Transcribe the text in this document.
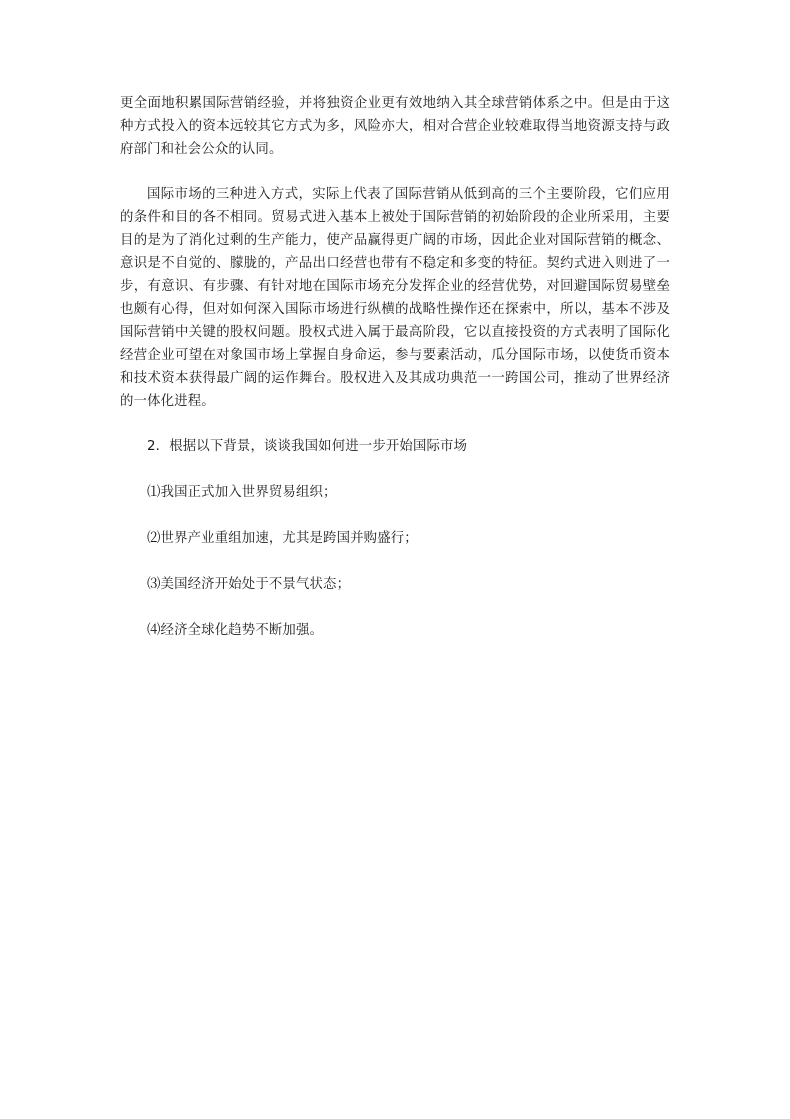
更全面地积累国际营销经验，并将独资企业更有效地纳入其全球营销体系之中。但是由于这种方式投入的资本远较其它方式为多，风险亦大，相对合营企业较难取得当地资源支持与政府部门和社会公众的认同。

国际市场的三种进入方式，实际上代表了国际营销从低到高的三个主要阶段，它们应用的条件和目的各不相同。贸易式进入基本上被处于国际营销的初始阶段的企业所采用，主要目的是为了消化过剩的生产能力，使产品赢得更广阔的市场，因此企业对国际营销的概念、意识是不自觉的、朦胧的，产品出口经营也带有不稳定和多变的特征。契约式进入则进了一步，有意识、有步骤、有针对地在国际市场充分发挥企业的经营优势，对回避国际贸易壁垒也颇有心得，但对如何深入国际市场进行纵横的战略性操作还在探索中，所以，基本不涉及国际营销中关键的股权问题。股权式进入属于最高阶段，它以直接投资的方式表明了国际化经营企业可望在对象国市场上掌握自身命运，参与要素活动，瓜分国际市场，以使货币资本和技术资本获得最广阔的运作舞台。股权进入及其成功典范一一跨国公司，推动了世界经济的一体化进程。

2．根据以下背景，谈谈我国如何进一步开始国际市场

⑴我国正式加入世界贸易组织；

⑵世界产业重组加速，尤其是跨国并购盛行；

⑶美国经济开始处于不景气状态；

⑷经济全球化趋势不断加强。
